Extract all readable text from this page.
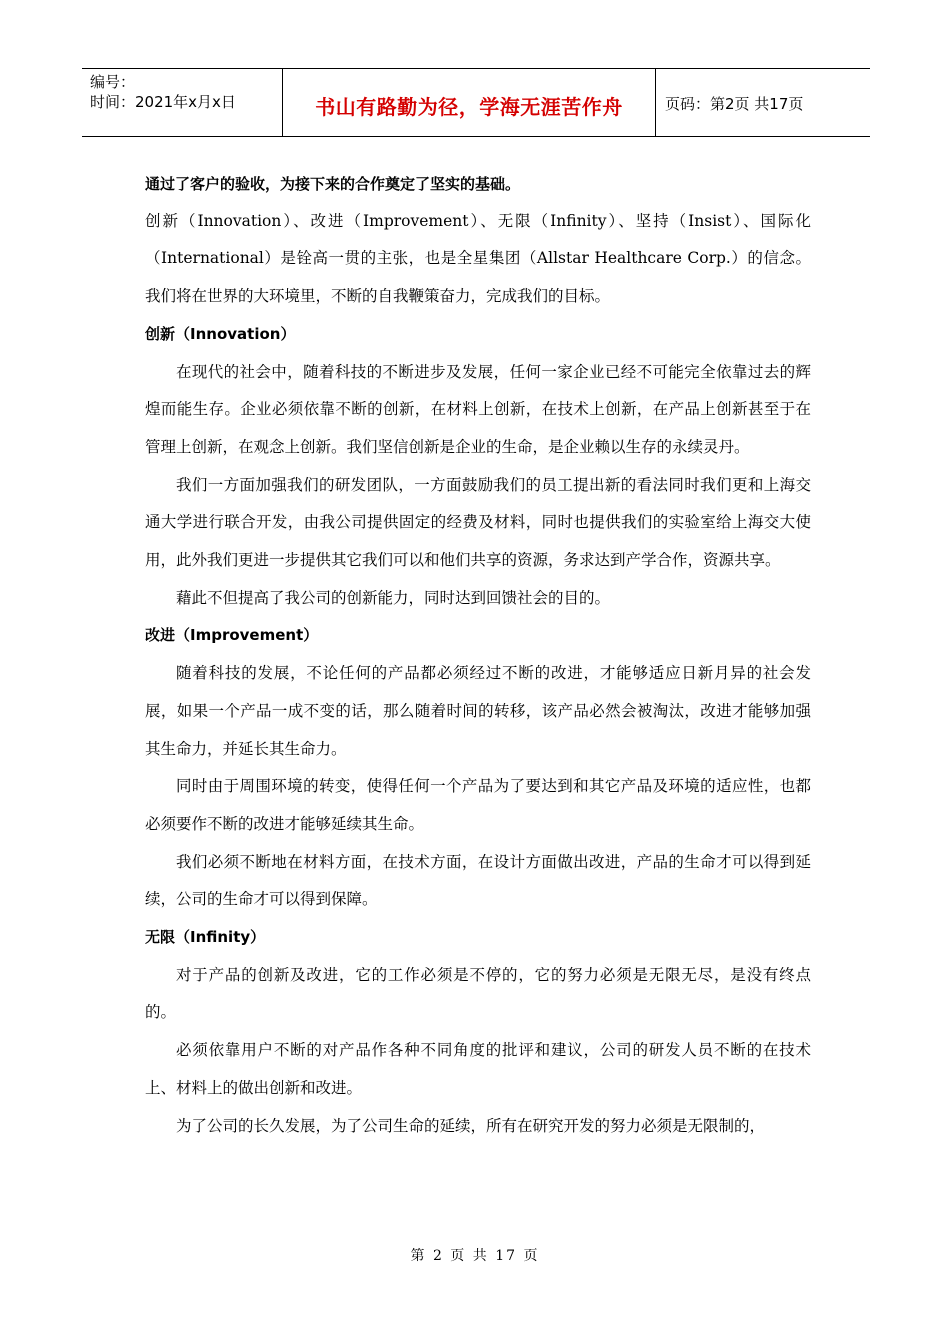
编号：
时间：2021年x月x日	书山有路勤为径，学海无涯苦作舟	页码：第2页 共17页

通过了客户的验收，为接下来的合作奠定了坚实的基础。

创新（Innovation）、改进（Improvement）、无限（Infinity）、坚持（Insist）、国际化（International）是铨高一贯的主张，也是全星集团（Allstar Healthcare Corp.）的信念。我们将在世界的大环境里，不断的自我鞭策奋力，完成我们的目标。

创新（Innovation）

在现代的社会中，随着科技的不断进步及发展，任何一家企业已经不可能完全依靠过去的辉煌而能生存。企业必须依靠不断的创新，在材料上创新，在技术上创新，在产品上创新甚至于在管理上创新，在观念上创新。我们坚信创新是企业的生命，是企业赖以生存的永续灵丹。

我们一方面加强我们的研发团队，一方面鼓励我们的员工提出新的看法同时我们更和上海交通大学进行联合开发，由我公司提供固定的经费及材料，同时也提供我们的实验室给上海交大使用，此外我们更进一步提供其它我们可以和他们共享的资源，务求达到产学合作，资源共享。

藉此不但提高了我公司的创新能力，同时达到回馈社会的目的。

改进（Improvement）

随着科技的发展，不论任何的产品都必须经过不断的改进，才能够适应日新月异的社会发展，如果一个产品一成不变的话，那么随着时间的转移，该产品必然会被淘汰，改进才能够加强其生命力，并延长其生命力。

同时由于周围环境的转变，使得任何一个产品为了要达到和其它产品及环境的适应性，也都必须要作不断的改进才能够延续其生命。

我们必须不断地在材料方面，在技术方面，在设计方面做出改进，产品的生命才可以得到延续，公司的生命才可以得到保障。

无限（Infinity）

对于产品的创新及改进，它的工作必须是不停的，它的努力必须是无限无尽，是没有终点的。

必须依靠用户不断的对产品作各种不同角度的批评和建议，公司的研发人员不断的在技术上、材料上的做出创新和改进。

为了公司的长久发展，为了公司生命的延续，所有在研究开发的努力必须是无限制的，

第 2 页 共 17 页
